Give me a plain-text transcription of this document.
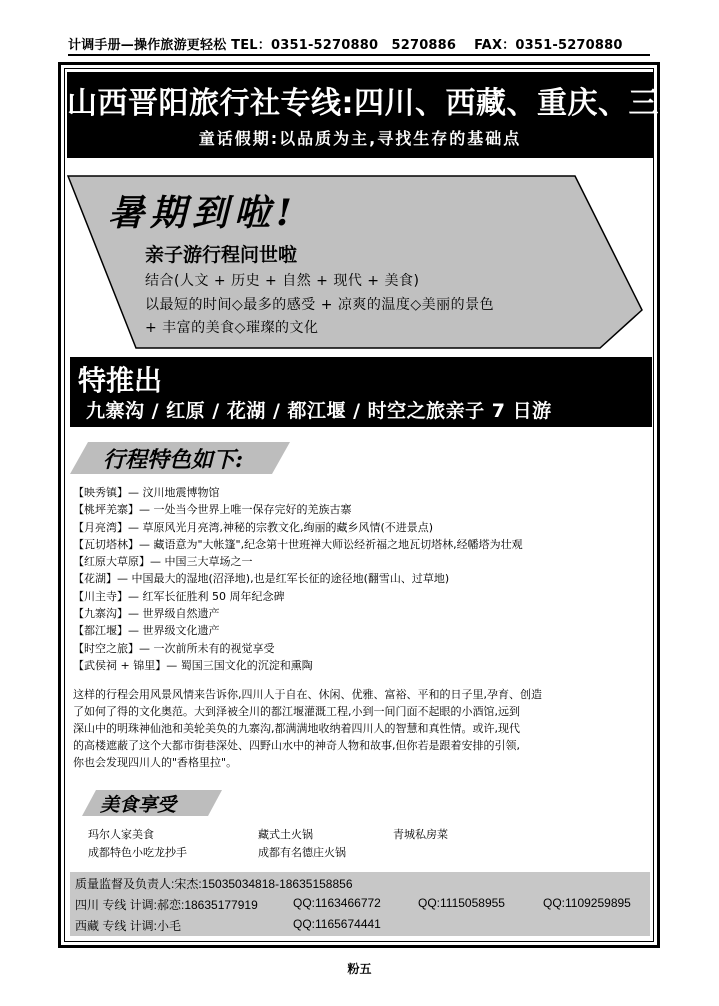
计调手册—操作旅游更轻松 TEL：0351-5270880　5270886　 FAX：0351-5270880
山西晋阳旅行社专线:四川、西藏、重庆、三峡
童话假期:以品质为主,寻找生存的基础点
暑期到啦!
亲子游行程问世啦
结合(人文 + 历史 + 自然 + 现代 + 美食)
以最短的时间◇最多的感受 + 凉爽的温度◇美丽的景色
+ 丰富的美食◇璀璨的文化
特推出
九寨沟 / 红原 / 花湖 / 都江堰 / 时空之旅亲子 7 日游
行程特色如下:
【映秀镇】— 汶川地震博物馆
【桃坪羌寨】— 一处当今世界上唯一保存完好的羌族古寨
【月亮湾】— 草原风光月亮湾,神秘的宗教文化,绚丽的藏乡风情(不进景点)
【瓦切塔林】— 藏语意为"大帐篷",纪念第十世班禅大师讼经祈福之地瓦切塔林,经幡塔为壮观
【红原大草原】— 中国三大草场之一
【花湖】— 中国最大的湿地(沼泽地),也是红军长征的途径地(翻雪山、过草地)
【川主寺】— 红军长征胜利 50 周年纪念碑
【九寨沟】— 世界级自然遗产
【都江堰】— 世界级文化遗产
【时空之旅】— 一次前所未有的视觉享受
【武侯祠 + 锦里】— 蜀国三国文化的沉淀和熏陶
这样的行程会用风景风情来告诉你,四川人于自在、休闲、优雅、富裕、平和的日子里,孕育、创造
了如何了得的文化奥范。大到泽被全川的都江堰灌溉工程,小到一间门面不起眼的小酒馆,远到
深山中的明珠神仙池和美轮美奂的九寨沟,都满满地收纳着四川人的智慧和真性情。或许,现代
的高楼遮蔽了这个大都市街巷深处、四野山水中的神奇人物和故事,但你若是跟着安排的引领,
你也会发现四川人的"香格里拉"。
美食享受
玛尔人家美食	藏式土火锅	青城私房菜
成都特色小吃龙抄手	成都有名德庄火锅
质量监督及负责人:宋杰:15035034818-18635158856
四川 专线 计调:郝恋:18635177919	QQ:1163466772	QQ:1115058955	QQ:1109259895
西藏 专线 计调:小毛	QQ:1165674441
粉五
